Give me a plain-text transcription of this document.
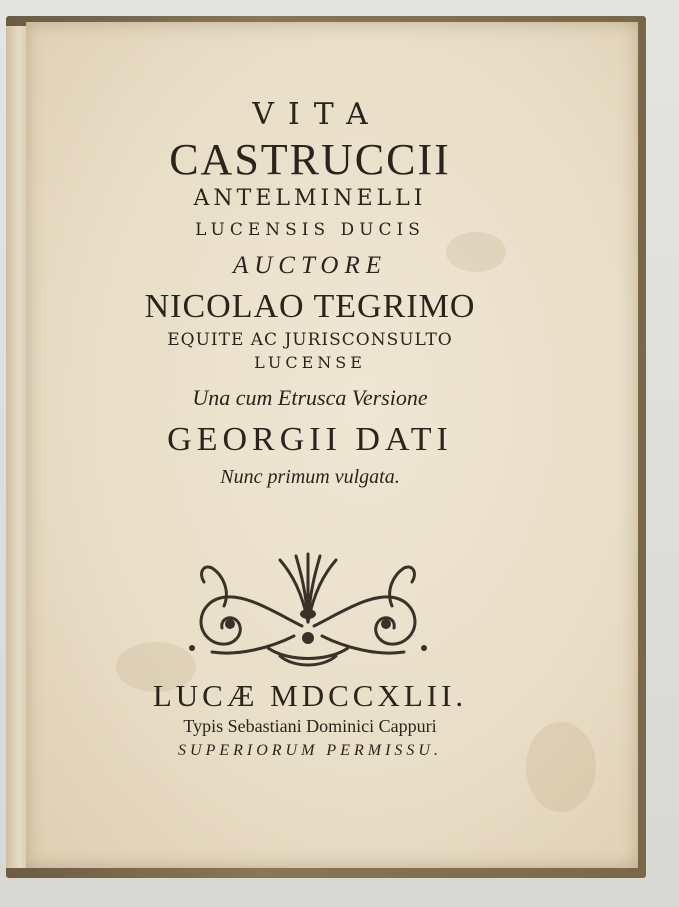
VITA
CASTRUCCII
ANTELMINELLI
LUCENSIS DUCIS
AUCTORE
NICOLAO TEGRIMO
EQUITE AC JURISCONSULTO
LUCENSE
Una cum Etrusca Versione
GEORGII DATI
Nunc primum vulgata.
LUCÆ MDCCXLII.
Typis Sebastiani Dominici Cappuri
SUPERIORUM PERMISSU.
